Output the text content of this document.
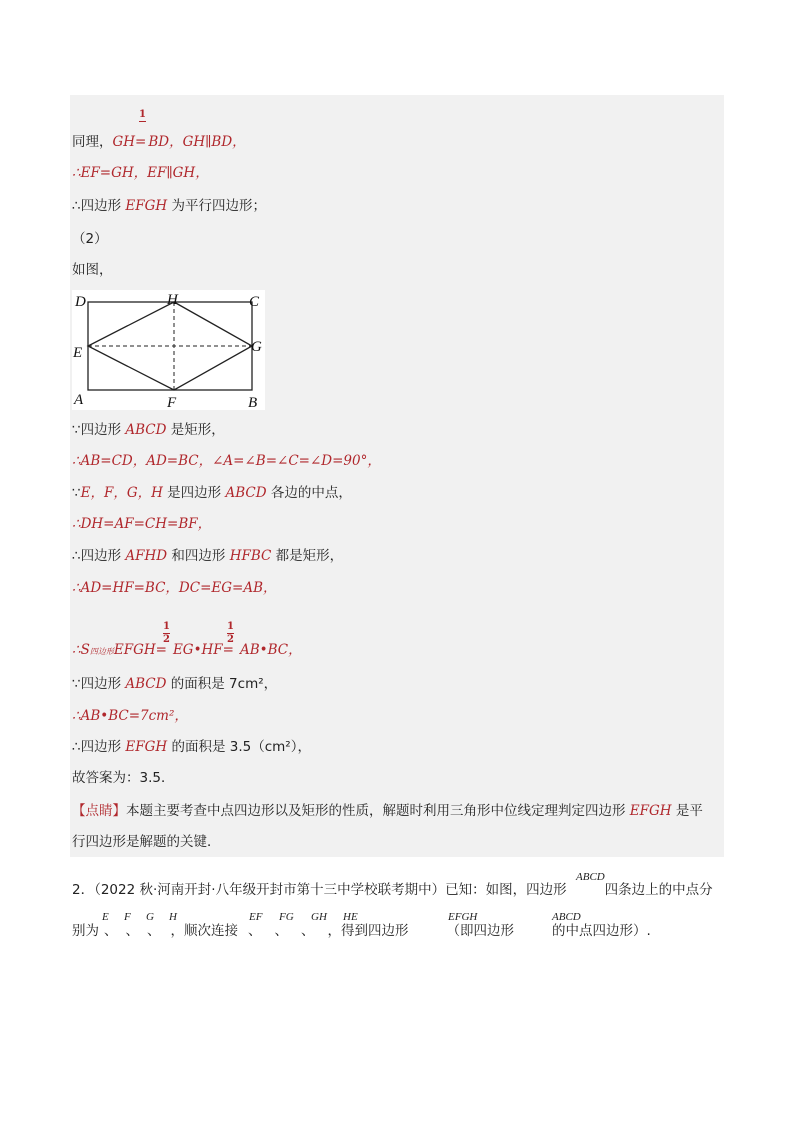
1
同理，GH= BD，GH∥BD，
∴EF=GH，EF∥GH，
∴四边形 EFGH 为平行四边形；
（2）
如图，
D	H	C
E	G
A	F	B
∵四边形 ABCD 是矩形，
∴AB=CD，AD=BC，∠A=∠B=∠C=∠D=90°，
∵E，F，G，H 是四边形 ABCD 各边的中点，
∴DH=AF=CH=BF，
∴四边形 AFHD 和四边形 HFBC 都是矩形，
∴AD=HF=BC，DC=EG=AB，
1
2
1
2
∴S四边形EFGH= EG•HF= AB•BC，
∵四边形 ABCD 的面积是 7cm²，
∴AB•BC=7cm²，
∴四边形 EFGH 的面积是 3.5（cm²），
故答案为：3.5．
【点睛】本题主要考查中点四边形以及矩形的性质，解题时利用三角形中位线定理判定四边形 EFGH 是平
行四边形是解题的关键．
ABCD
2．（2022 秋·河南开封·八年级开封市第十三中学校联考期中）已知：如图，四边形	四条边上的中点分
E F G H	EF FG GH HE	EFGH	ABCD
别为 、 、 、 ，顺次连接 、 、 、 ，得到四边形	（即四边形	的中点四边形）.
